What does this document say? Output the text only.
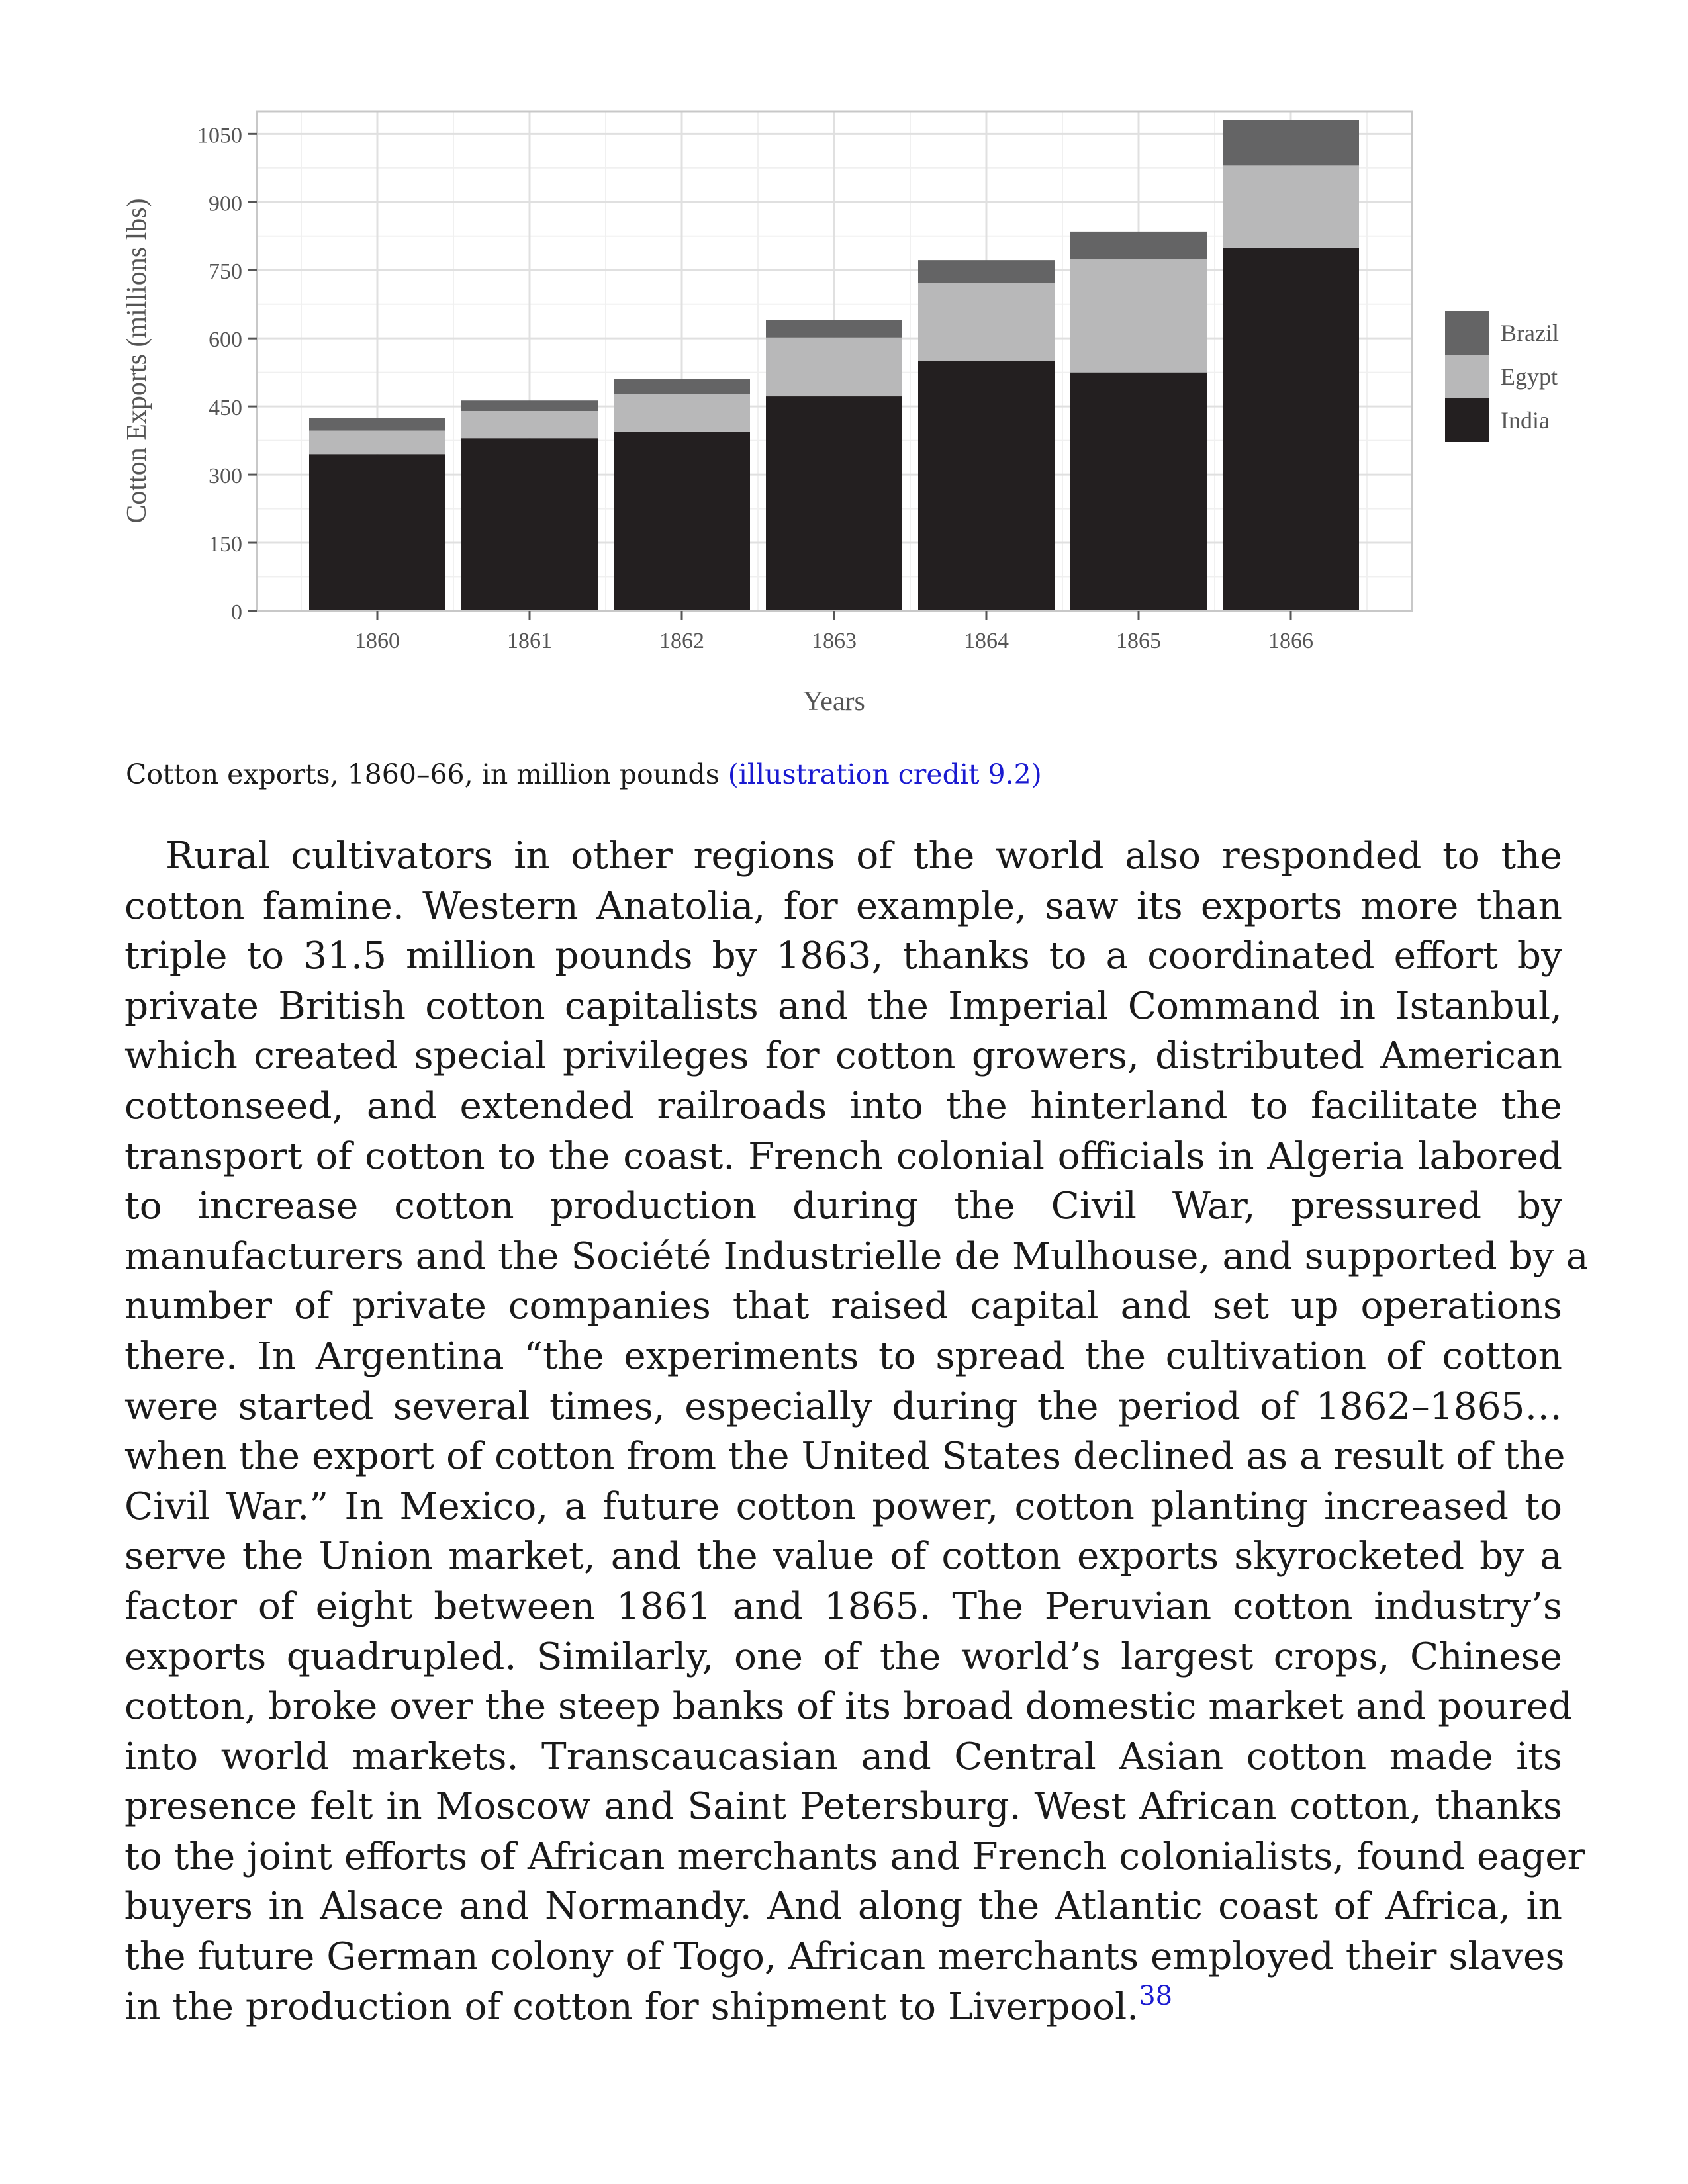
0
150
300
450
600
750
900
1050
1860	1861	1862	1863	1864	1865	1866
Years
Cotton Exports (millions lbs)	Brazil
Egypt
India
Cotton exports, 1860–66, in million pounds (illustration credit 9.2)
Rural cultivators in other regions of the world also responded to the
cotton famine. Western Anatolia, for example, saw its exports more than
triple to 31.5 million pounds by 1863, thanks to a coordinated effort by
private British cotton capitalists and the Imperial Command in Istanbul,
which created special privileges for cotton growers, distributed American
cottonseed, and extended railroads into the hinterland to facilitate the
transport of cotton to the coast. French colonial officials in Algeria labored
to increase cotton production during the Civil War, pressured by
manufacturers and the Société Industrielle de Mulhouse, and supported by a
number of private companies that raised capital and set up operations
there. In Argentina “the experiments to spread the cultivation of cotton
were started several times, especially during the period of 1862–1865…
when the export of cotton from the United States declined as a result of the
Civil War.” In Mexico, a future cotton power, cotton planting increased to
serve the Union market, and the value of cotton exports skyrocketed by a
factor of eight between 1861 and 1865. The Peruvian cotton industry’s
exports quadrupled. Similarly, one of the world’s largest crops, Chinese
cotton, broke over the steep banks of its broad domestic market and poured
into world markets. Transcaucasian and Central Asian cotton made its
presence felt in Moscow and Saint Petersburg. West African cotton, thanks
to the joint efforts of African merchants and French colonialists, found eager
buyers in Alsace and Normandy. And along the Atlantic coast of Africa, in
the future German colony of Togo, African merchants employed their slaves
in the production of cotton for shipment to Liverpool.$^{38}$
